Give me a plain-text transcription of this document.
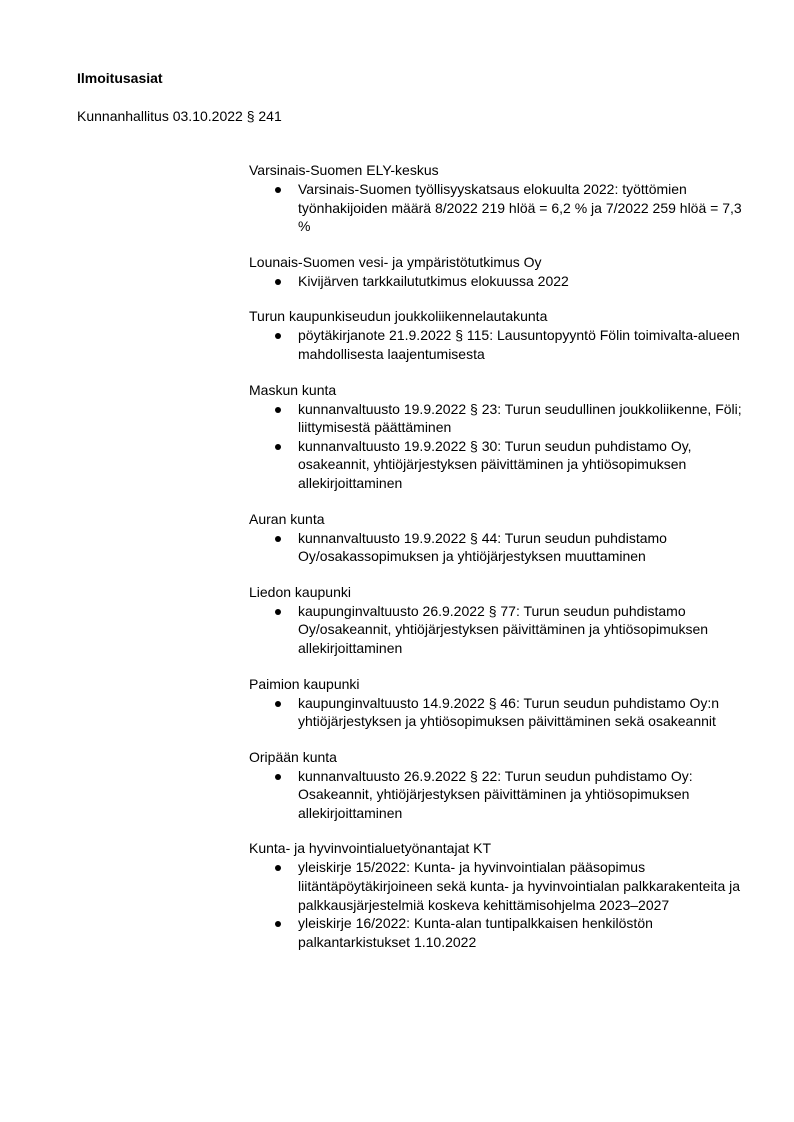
Ilmoitusasiat

Kunnanhallitus 03.10.2022 § 241

Varsinais-Suomen ELY-keskus

Varsinais-Suomen työllisyyskatsaus elokuulta 2022: työttömien työnhakijoiden määrä 8/2022 219 hlöä = 6,2 % ja 7/2022 259 hlöä = 7,3 %

Lounais-Suomen vesi- ja ympäristötutkimus Oy

Kivijärven tarkkailututkimus elokuussa 2022

Turun kaupunkiseudun joukkoliikennelautakunta

pöytäkirjanote 21.9.2022 § 115: Lausuntopyyntö Fölin toimivalta-alueen mahdollisesta laajentumisesta

Maskun kunta

kunnanvaltuusto 19.9.2022 § 23: Turun seudullinen joukkoliikenne, Föli; liittymisestä päättäminen
kunnanvaltuusto 19.9.2022 § 30: Turun seudun puhdistamo Oy, osakeannit, yhtiöjärjestyksen päivittäminen ja yhtiösopimuksen allekirjoittaminen

Auran kunta

kunnanvaltuusto 19.9.2022 § 44: Turun seudun puhdistamo Oy/osakassopimuksen ja yhtiöjärjestyksen muuttaminen

Liedon kaupunki

kaupunginvaltuusto 26.9.2022 § 77: Turun seudun puhdistamo Oy/osakeannit, yhtiöjärjestyksen päivittäminen ja yhtiösopimuksen allekirjoittaminen

Paimion kaupunki

kaupunginvaltuusto 14.9.2022 § 46: Turun seudun puhdistamo Oy:n yhtiöjärjestyksen ja yhtiösopimuksen päivittäminen sekä osakeannit

Oripään kunta

kunnanvaltuusto 26.9.2022 § 22: Turun seudun puhdistamo Oy: Osakeannit, yhtiöjärjestyksen päivittäminen ja yhtiösopimuksen allekirjoittaminen

Kunta- ja hyvinvointialuetyönantajat KT

yleiskirje 15/2022: Kunta- ja hyvinvointialan pääsopimus liitäntäpöytäkirjoineen sekä kunta- ja hyvinvointialan palkkarakenteita ja palkkausjärjestelmiä koskeva kehittämisohjelma 2023–2027
yleiskirje 16/2022: Kunta-alan tuntipalkkaisen henkilöstön palkantarkistukset 1.10.2022
